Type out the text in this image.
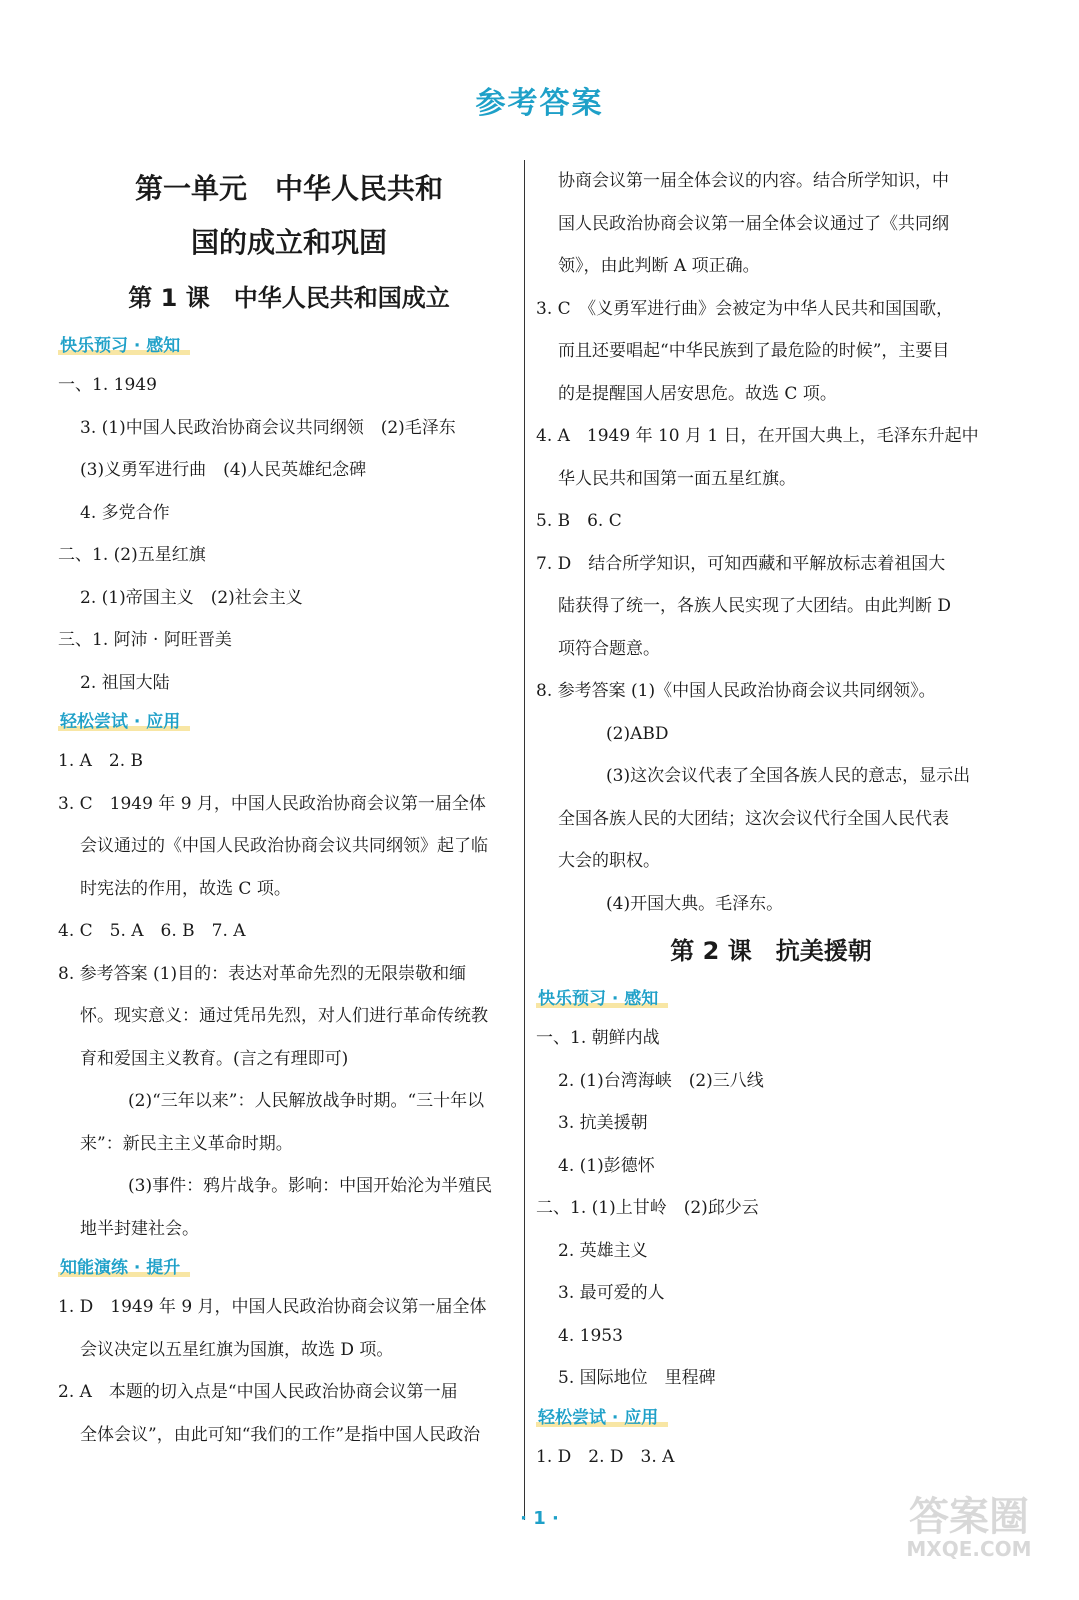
参考答案
第一单元　中华人民共和
国的成立和巩固
第 1 课　中华人民共和国成立
快乐预习 · 感知
一、1. 1949
3. (1)中国人民政治协商会议共同纲领　(2)毛泽东
(3)义勇军进行曲　(4)人民英雄纪念碑
4. 多党合作
二、1. (2)五星红旗
2. (1)帝国主义　(2)社会主义
三、1. 阿沛 · 阿旺晋美
2. 祖国大陆
轻松尝试 · 应用
1. A　2. B
3. C　1949 年 9 月，中国人民政治协商会议第一届全体
会议通过的《中国人民政治协商会议共同纲领》起了临
时宪法的作用，故选 C 项。
4. C　5. A　6. B　7. A
8. 参考答案 (1)目的：表达对革命先烈的无限崇敬和缅
怀。现实意义：通过凭吊先烈，对人们进行革命传统教
育和爱国主义教育。(言之有理即可)
(2)“三年以来”：人民解放战争时期。“三十年以
来”：新民主主义革命时期。
(3)事件：鸦片战争。影响：中国开始沦为半殖民
地半封建社会。
知能演练 · 提升
1. D　1949 年 9 月，中国人民政治协商会议第一届全体
会议决定以五星红旗为国旗，故选 D 项。
2. A　本题的切入点是“中国人民政治协商会议第一届
全体会议”，由此可知“我们的工作”是指中国人民政治
协商会议第一届全体会议的内容。结合所学知识，中
国人民政治协商会议第一届全体会议通过了《共同纲
领》，由此判断 A 项正确。
3. C　《义勇军进行曲》会被定为中华人民共和国国歌，
而且还要唱起“中华民族到了最危险的时候”，主要目
的是提醒国人居安思危。故选 C 项。
4. A　1949 年 10 月 1 日，在开国大典上，毛泽东升起中
华人民共和国第一面五星红旗。
5. B　6. C
7. D　结合所学知识，可知西藏和平解放标志着祖国大
陆获得了统一，各族人民实现了大团结。由此判断 D
项符合题意。
8. 参考答案 (1)《中国人民政治协商会议共同纲领》。
(2)ABD
(3)这次会议代表了全国各族人民的意志，显示出
全国各族人民的大团结；这次会议代行全国人民代表
大会的职权。
(4)开国大典。毛泽东。
第 2 课　抗美援朝
快乐预习 · 感知
一、1. 朝鲜内战
2. (1)台湾海峡　(2)三八线
3. 抗美援朝
4. (1)彭德怀
二、1. (1)上甘岭　(2)邱少云
2. 英雄主义
3. 最可爱的人
4. 1953
5. 国际地位　里程碑
轻松尝试 · 应用
1. D　2. D　3. A
· 1 ·	答案圈
MXQE.COM
